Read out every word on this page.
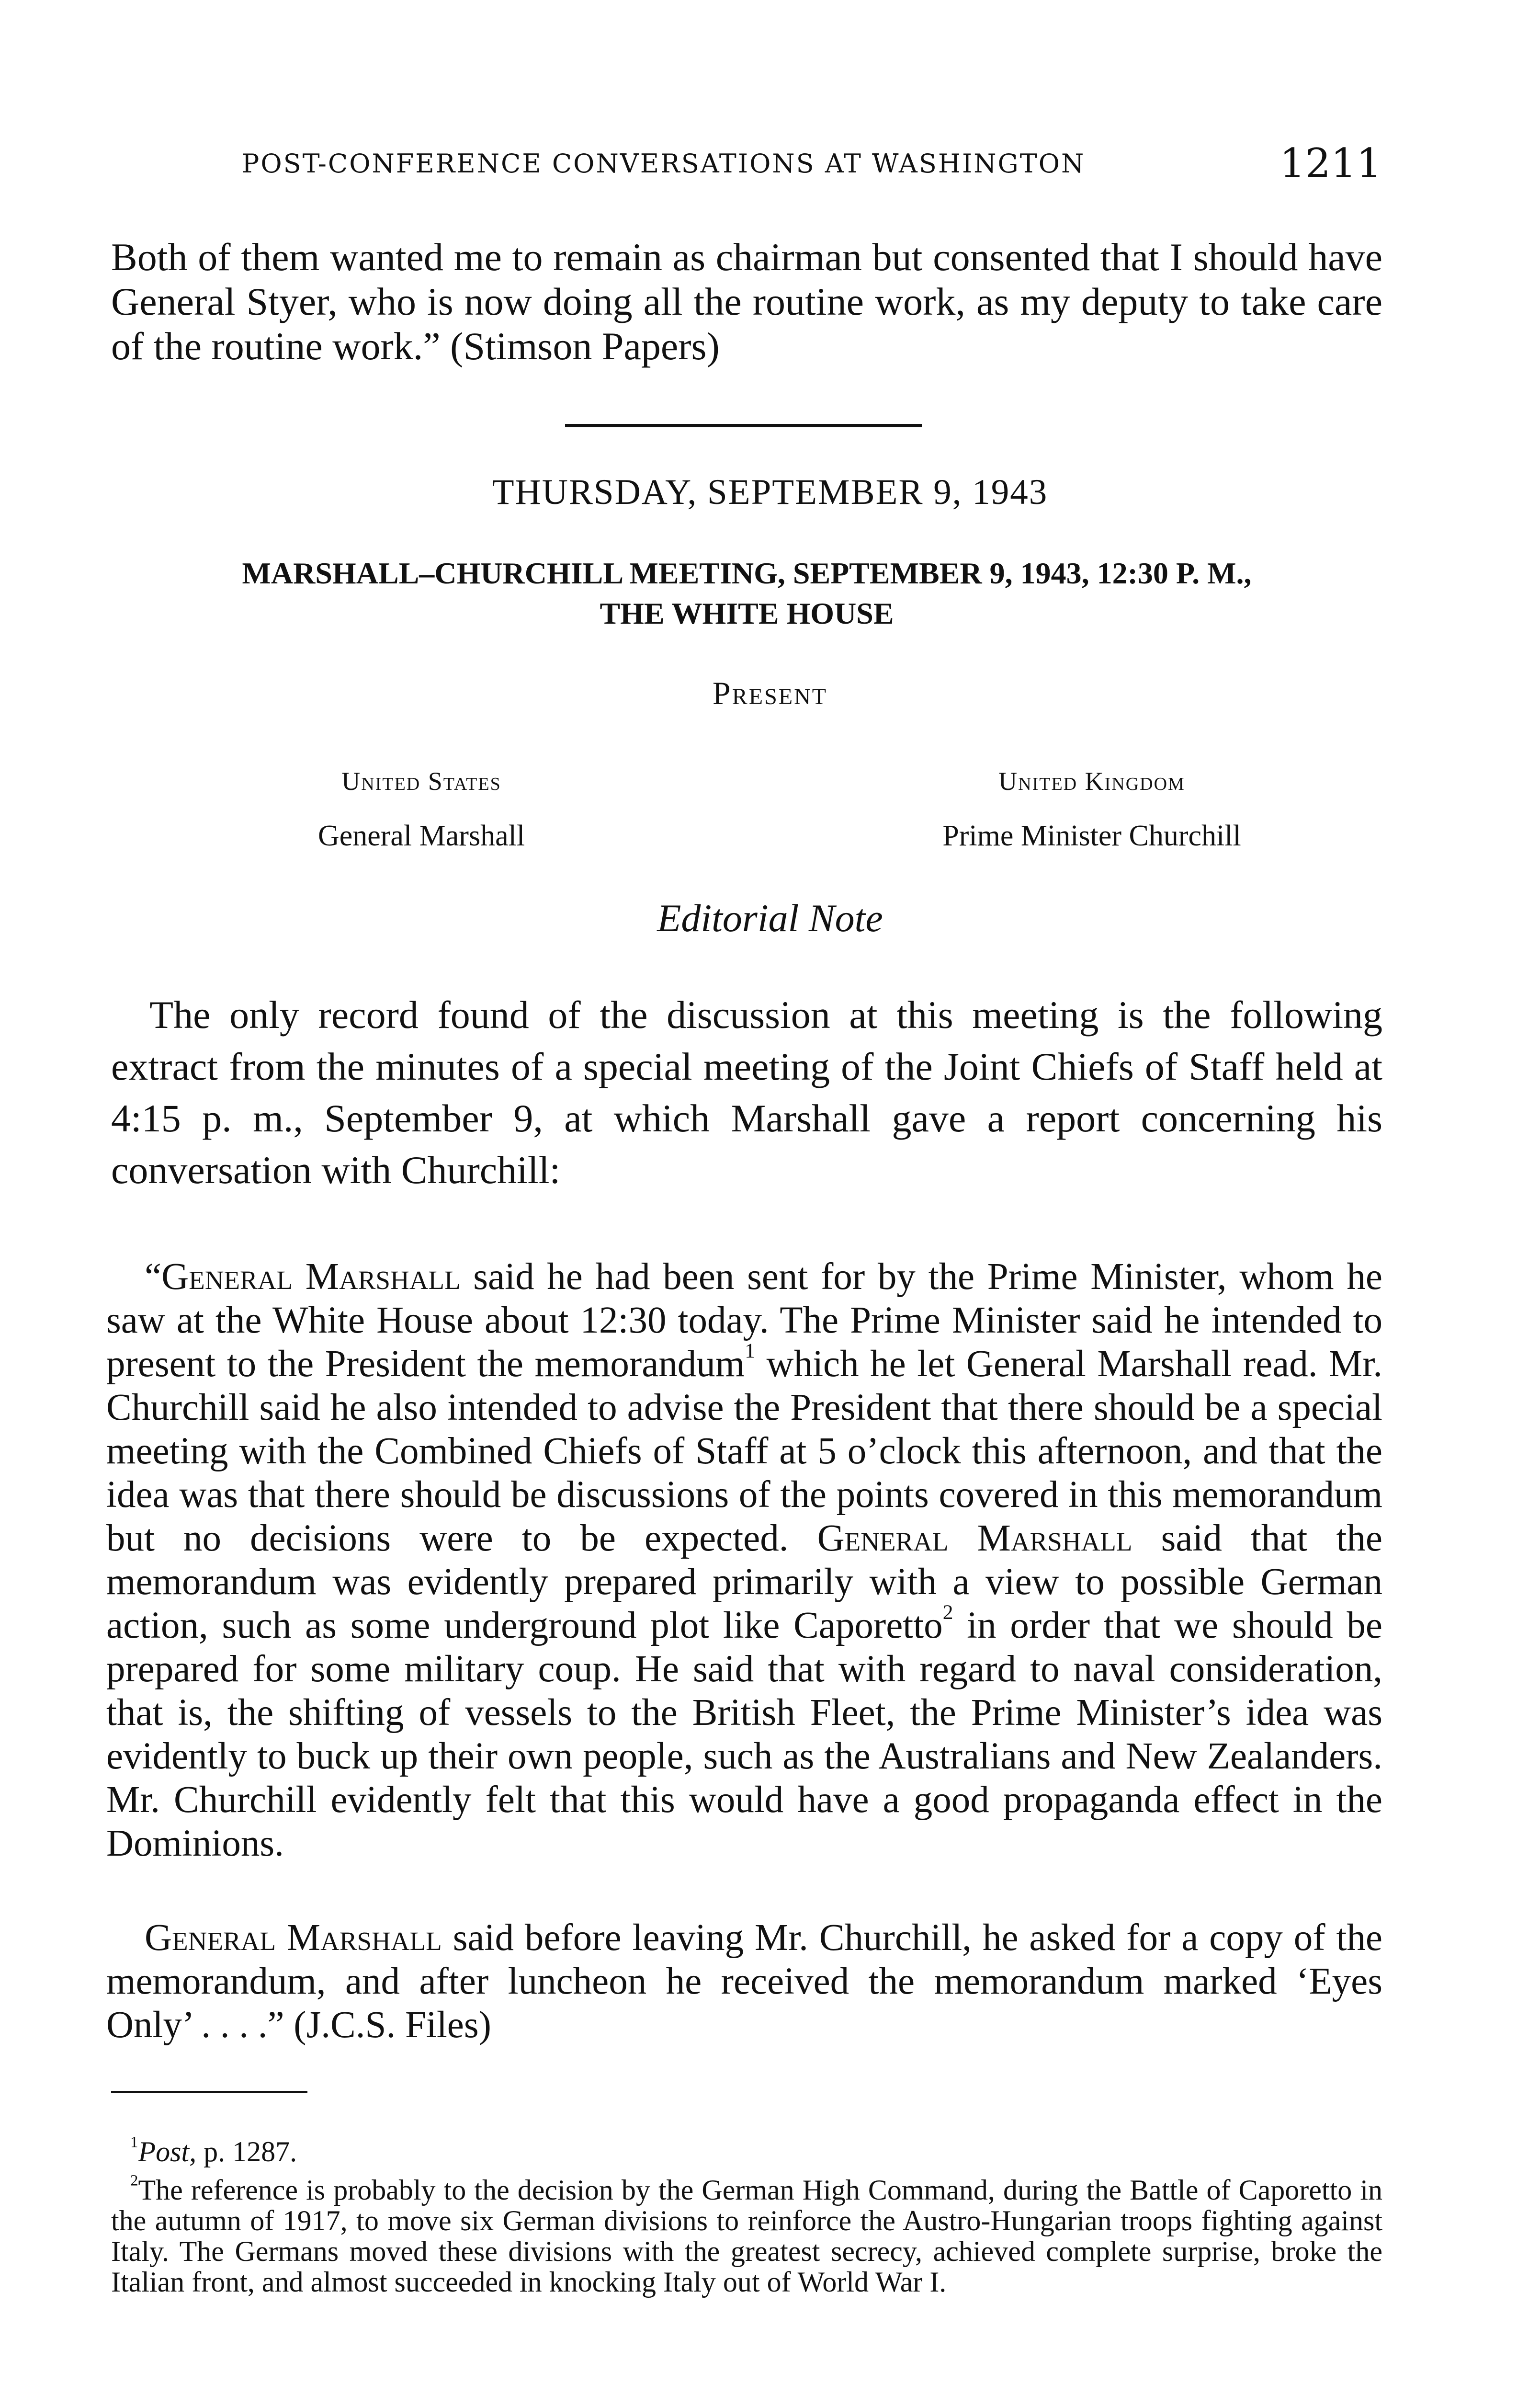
POST-CONFERENCE CONVERSATIONS AT WASHINGTON	1211

Both of them wanted me to remain as chairman but consented that I should have General Styer, who is now doing all the routine work, as my deputy to take care of the routine work.” (Stimson Papers)

THURSDAY, SEPTEMBER 9, 1943
MARSHALL–CHURCHILL MEETING, SEPTEMBER 9, 1943, 12:30 P. M.,
THE WHITE HOUSE
Present
United States
General Marshall
United Kingdom
Prime Minister Churchill
Editorial Note

The only record found of the discussion at this meeting is the following extract from the minutes of a special meeting of the Joint Chiefs of Staff held at 4:15 p. m., September 9, at which Marshall gave a report concerning his conversation with Churchill:

“General Marshall said he had been sent for by the Prime Minister, whom he saw at the White House about 12:30 today. The Prime Minister said he intended to present to the President the memorandum$^1$ which he let General Marshall read. Mr. Churchill said he also intended to advise the President that there should be a special meeting with the Combined Chiefs of Staff at 5 o’clock this afternoon, and that the idea was that there should be discussions of the points covered in this memorandum but no decisions were to be expected. General Marshall said that the memorandum was evidently prepared primarily with a view to possible German action, such as some underground plot like Caporetto$^2$ in order that we should be prepared for some military coup. He said that with regard to naval consideration, that is, the shifting of vessels to the British Fleet, the Prime Minister’s idea was evidently to buck up their own people, such as the Australians and New Zealanders. Mr. Churchill evidently felt that this would have a good propaganda effect in the Dominions.

General Marshall said before leaving Mr. Churchill, he asked for a copy of the memorandum, and after luncheon he received the memorandum marked ‘Eyes Only’ . . . .” (J.C.S. Files)

$^1$Post, p. 1287.

$^2$The reference is probably to the decision by the German High Command, during the Battle of Caporetto in the autumn of 1917, to move six German divisions to reinforce the Austro-Hungarian troops fighting against Italy. The Germans moved these divisions with the greatest secrecy, achieved complete surprise, broke the Italian front, and almost succeeded in knocking Italy out of World War I.
